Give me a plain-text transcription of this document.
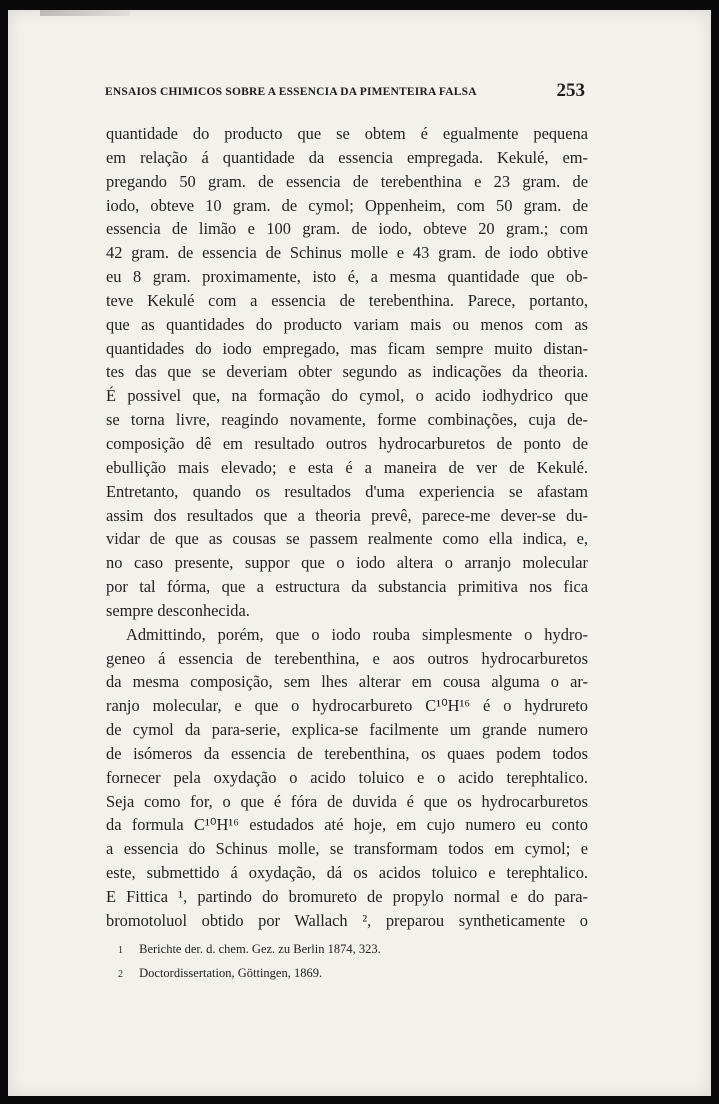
ENSAIOS CHIMICOS SOBRE A ESSENCIA DA PIMENTEIRA FALSA	253
quantidade do producto que se obtem é egualmente pequena
em relação á quantidade da essencia empregada. Kekulé, em-
pregando 50 gram. de essencia de terebenthina e 23 gram. de
iodo, obteve 10 gram. de cymol; Oppenheim, com 50 gram. de
essencia de limão e 100 gram. de iodo, obteve 20 gram.; com
42 gram. de essencia de Schinus molle e 43 gram. de iodo obtive
eu 8 gram. proximamente, isto é, a mesma quantidade que ob-
teve Kekulé com a essencia de terebenthina. Parece, portanto,
que as quantidades do producto variam mais ou menos com as
quantidades do iodo empregado, mas ficam sempre muito distan-
tes das que se deveriam obter segundo as indicações da theoria.
É possivel que, na formação do cymol, o acido iodhydrico que
se torna livre, reagindo novamente, forme combinações, cuja de-
composição dê em resultado outros hydrocarburetos de ponto de
ebullição mais elevado; e esta é a maneira de ver de Kekulé.
Entretanto, quando os resultados d'uma experiencia se afastam
assim dos resultados que a theoria prevê, parece-me dever-se du-
vidar de que as cousas se passem realmente como ella indica, e,
no caso presente, suppor que o iodo altera o arranjo molecular
por tal fórma, que a estructura da substancia primitiva nos fica
sempre desconhecida.
Admittindo, porém, que o iodo rouba simplesmente o hydro-
geneo á essencia de terebenthina, e aos outros hydrocarburetos
da mesma composição, sem lhes alterar em cousa alguma o ar-
ranjo molecular, e que o hydrocarbureto C¹⁰H¹⁶ é o hydrureto
de cymol da para-serie, explica-se facilmente um grande numero
de isómeros da essencia de terebenthina, os quaes podem todos
fornecer pela oxydação o acido toluico e o acido terephtalico.
Seja como for, o que é fóra de duvida é que os hydrocarburetos
da formula C¹⁰H¹⁶ estudados até hoje, em cujo numero eu conto
a essencia do Schinus molle, se transformam todos em cymol; e
este, submettido á oxydação, dá os acidos toluico e terephtalico.
E Fittica ¹, partindo do bromureto de propylo normal e do para-
bromotoluol obtido por Wallach ², preparou syntheticamente o
1 Berichte der. d. chem. Gez. zu Berlin 1874, 323.
2 Doctordissertation, Göttingen, 1869.
